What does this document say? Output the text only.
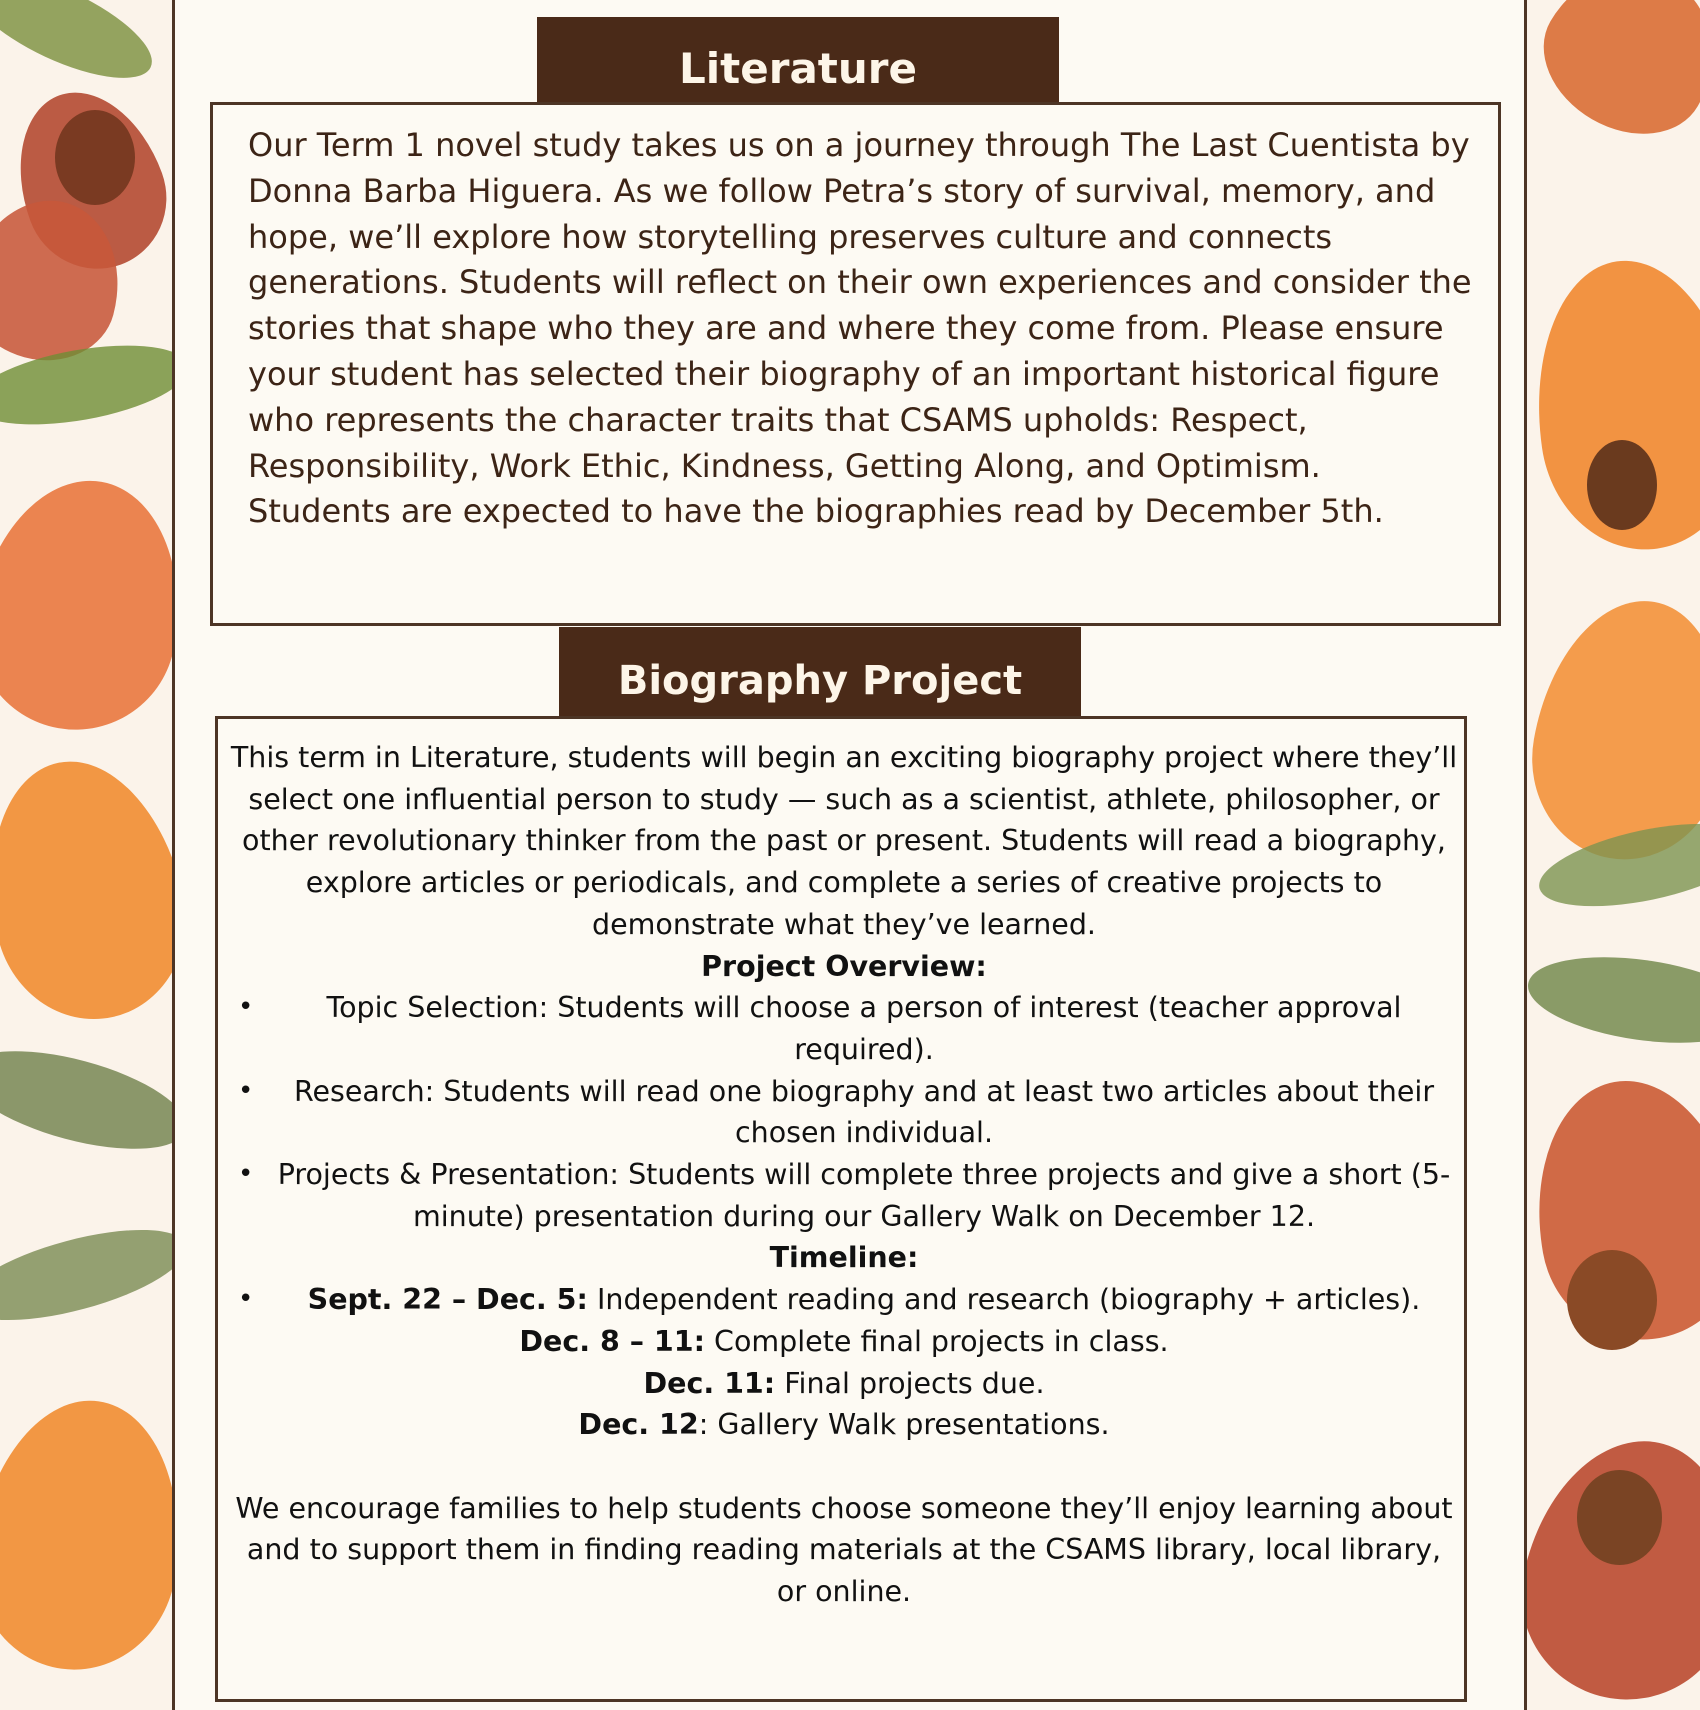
Literature

Our Term 1 novel study takes us on a journey through The Last Cuentista by Donna Barba Higuera. As we follow Petra’s story of survival, memory, and hope, we’ll explore how storytelling preserves culture and connects generations. Students will reflect on their own experiences and consider the stories that shape who they are and where they come from. Please ensure your student has selected their biography of an important historical figure who represents the character traits that CSAMS upholds: Respect, Responsibility, Work Ethic, Kindness, Getting Along, and Optimism. Students are expected to have the biographies read by December 5th.

Biography Project

This term in Literature, students will begin an exciting biography project where they’ll select one influential person to study — such as a scientist, athlete, philosopher, or other revolutionary thinker from the past or present. Students will read a biography, explore articles or periodicals, and complete a series of creative projects to demonstrate what they’ve learned.

Project Overview:

•	Topic Selection: Students will choose a person of interest (teacher approval required).
• Research: Students will read one biography and at least two articles about their chosen individual.
• Projects & Presentation: Students will complete three projects and give a short (5-minute) presentation during our Gallery Walk on December 12.

Timeline:

• Sept. 22 – Dec. 5: Independent reading and research (biography + articles).

Dec. 8 – 11: Complete final projects in class.

Dec. 11: Final projects due.

Dec. 12: Gallery Walk presentations.

We encourage families to help students choose someone they’ll enjoy learning about and to support them in finding reading materials at the CSAMS library, local library, or online.
